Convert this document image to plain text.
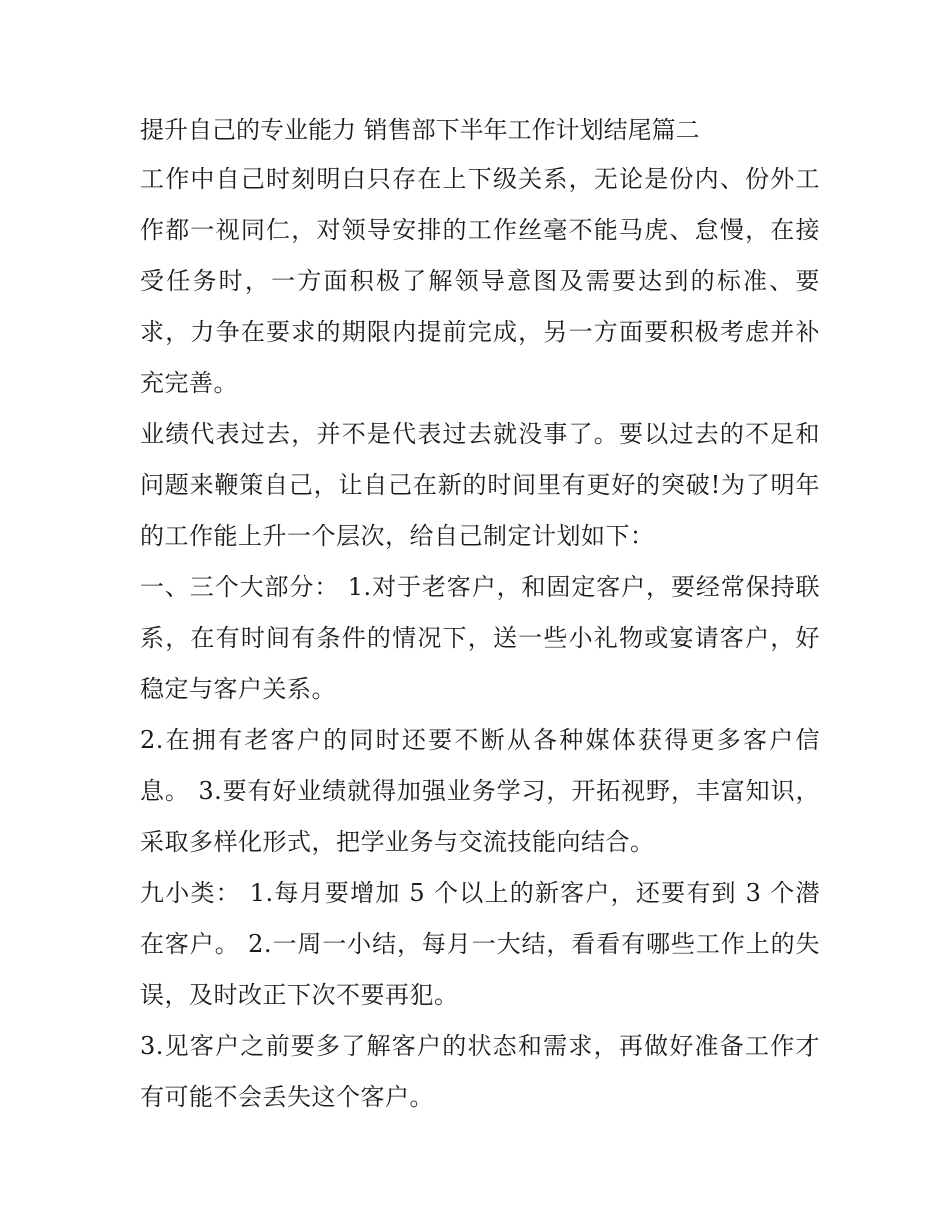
提升自己的专业能力 销售部下半年工作计划结尾篇二

工作中自己时刻明白只存在上下级关系，无论是份内、份外工作都一视同仁，对领导安排的工作丝毫不能马虎、怠慢，在接受任务时，一方面积极了解领导意图及需要达到的标准、要求，力争在要求的期限内提前完成，另一方面要积极考虑并补充完善。

业绩代表过去，并不是代表过去就没事了。要以过去的不足和问题来鞭策自己，让自己在新的时间里有更好的突破!为了明年的工作能上升一个层次，给自己制定计划如下：

一、三个大部分： 1.对于老客户，和固定客户，要经常保持联系，在有时间有条件的情况下，送一些小礼物或宴请客户，好稳定与客户关系。

2.在拥有老客户的同时还要不断从各种媒体获得更多客户信息。 3.要有好业绩就得加强业务学习，开拓视野，丰富知识，采取多样化形式，把学业务与交流技能向结合。

九小类： 1.每月要增加 5 个以上的新客户，还要有到 3 个潜在客户。 2.一周一小结，每月一大结，看看有哪些工作上的失误，及时改正下次不要再犯。

3.见客户之前要多了解客户的状态和需求，再做好准备工作才有可能不会丢失这个客户。
